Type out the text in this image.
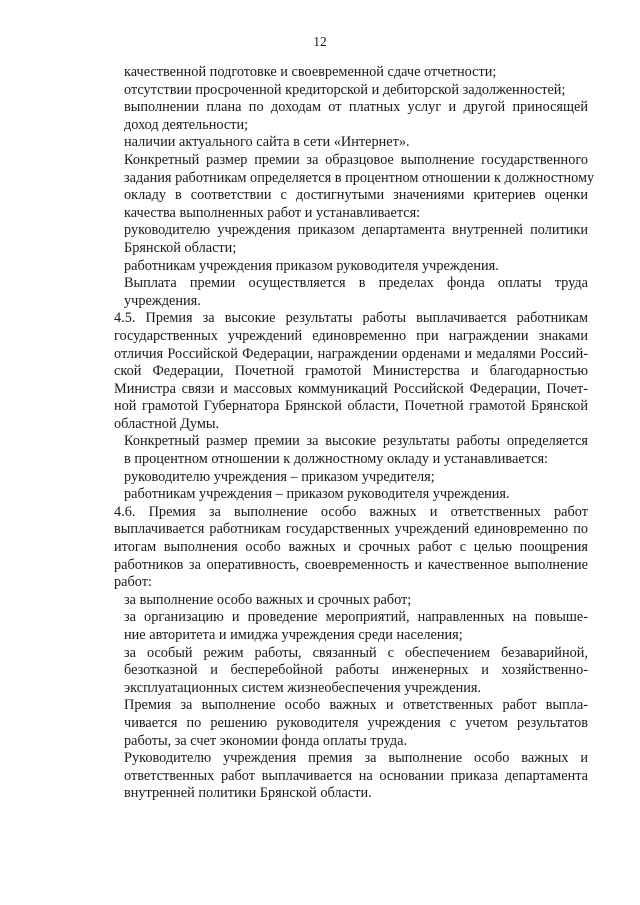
12
качественной подготовке и своевременной сдаче отчетности;
отсутствии просроченной кредиторской и дебиторской задолженностей;
выполнении плана по доходам от платных услуг и другой приносящей
доход деятельности;
наличии актуального сайта в сети «Интернет».
Конкретный размер премии за образцовое выполнение государственного
задания работникам определяется в процентном отношении к должностному
окладу в соответствии с достигнутыми значениями критериев оценки
качества выполненных работ и устанавливается:
руководителю учреждения приказом департамента внутренней политики
Брянской области;
работникам учреждения приказом руководителя учреждения.
Выплата премии осуществляется в пределах фонда оплаты труда
учреждения.
4.5. Премия за высокие результаты работы выплачивается работникам
государственных учреждений единовременно при награждении знаками
отличия Российской Федерации, награждении орденами и медалями Россий-
ской Федерации, Почетной грамотой Министерства и благодарностью
Министра связи и массовых коммуникаций Российской Федерации, Почет-
ной грамотой Губернатора Брянской области, Почетной грамотой Брянской
областной Думы.
Конкретный размер премии за высокие результаты работы определяется
в процентном отношении к должностному окладу и устанавливается:
руководителю учреждения – приказом учредителя;
работникам учреждения – приказом руководителя учреждения.
4.6. Премия за выполнение особо важных и ответственных работ
выплачивается работникам государственных учреждений единовременно по
итогам выполнения особо важных и срочных работ с целью поощрения
работников за оперативность, своевременность и качественное выполнение
работ:
за выполнение особо важных и срочных работ;
за организацию и проведение мероприятий, направленных на повыше-
ние авторитета и имиджа учреждения среди населения;
за особый режим работы, связанный с обеспечением безаварийной,
безотказной и бесперебойной работы инженерных и хозяйственно-
эксплуатационных систем жизнеобеспечения учреждения.
Премия за выполнение особо важных и ответственных работ выпла-
чивается по решению руководителя учреждения с учетом результатов
работы, за счет экономии фонда оплаты труда.
Руководителю учреждения премия за выполнение особо важных и
ответственных работ выплачивается на основании приказа департамента
внутренней политики Брянской области.
